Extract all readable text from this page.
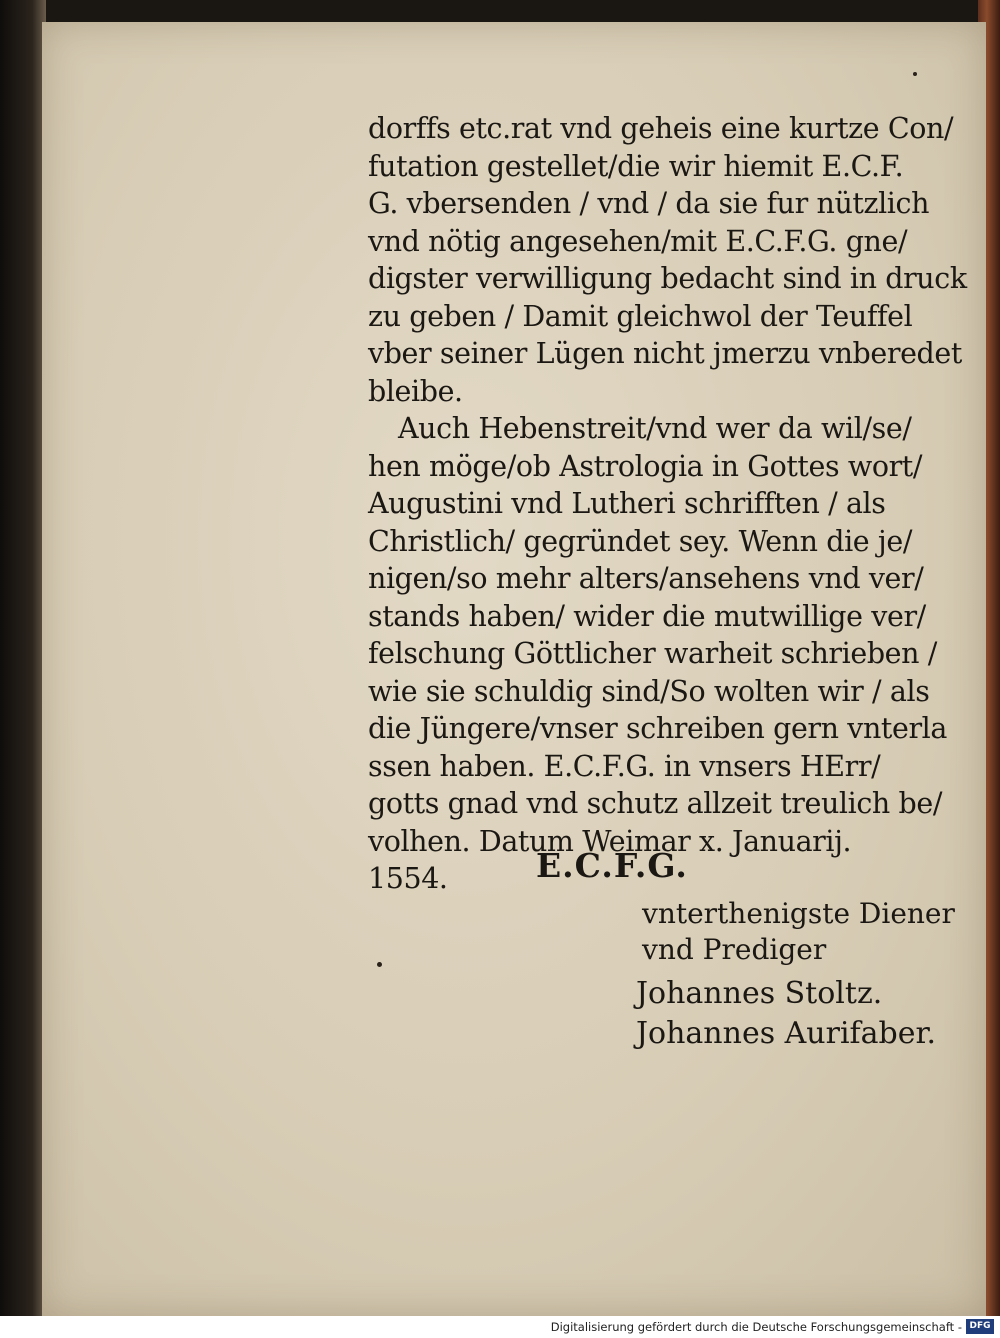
dorffs etc.rat vnd geheis eine kurtze Con/
futation gestellet/die wir hiemit E.C.F.
G. vbersenden / vnd / da sie fur nützlich
vnd nötig angesehen/mit E.C.F.G. gne/
digster verwilligung bedacht sind in druck
zu geben / Damit gleichwol der Teuffel
vber seiner Lügen nicht jmerzu vnberedet
bleibe.
Auch Hebenstreit/vnd wer da wil/se/
hen möge/ob Astrologia in Gottes wort/
Augustini vnd Lutheri schrifften / als
Christlich/ gegründet sey. Wenn die je/
nigen/so mehr alters/ansehens vnd ver/
stands haben/ wider die mutwillige ver/
felschung Göttlicher warheit schrieben /
wie sie schuldig sind/So wolten wir / als
die Jüngere/vnser schreiben gern vnterla
ssen haben. E.C.F.G. in vnsers HErr/
gotts gnad vnd schutz allzeit treulich be/
volhen. Datum Weimar x. Januarij.
1554.	E.C.F.G.
vnterthenigste Diener
vnd Prediger
Johannes Stoltz.
Johannes Aurifaber.
Digitalisierung gefördert durch die Deutsche Forschungsgemeinschaft - DFG
